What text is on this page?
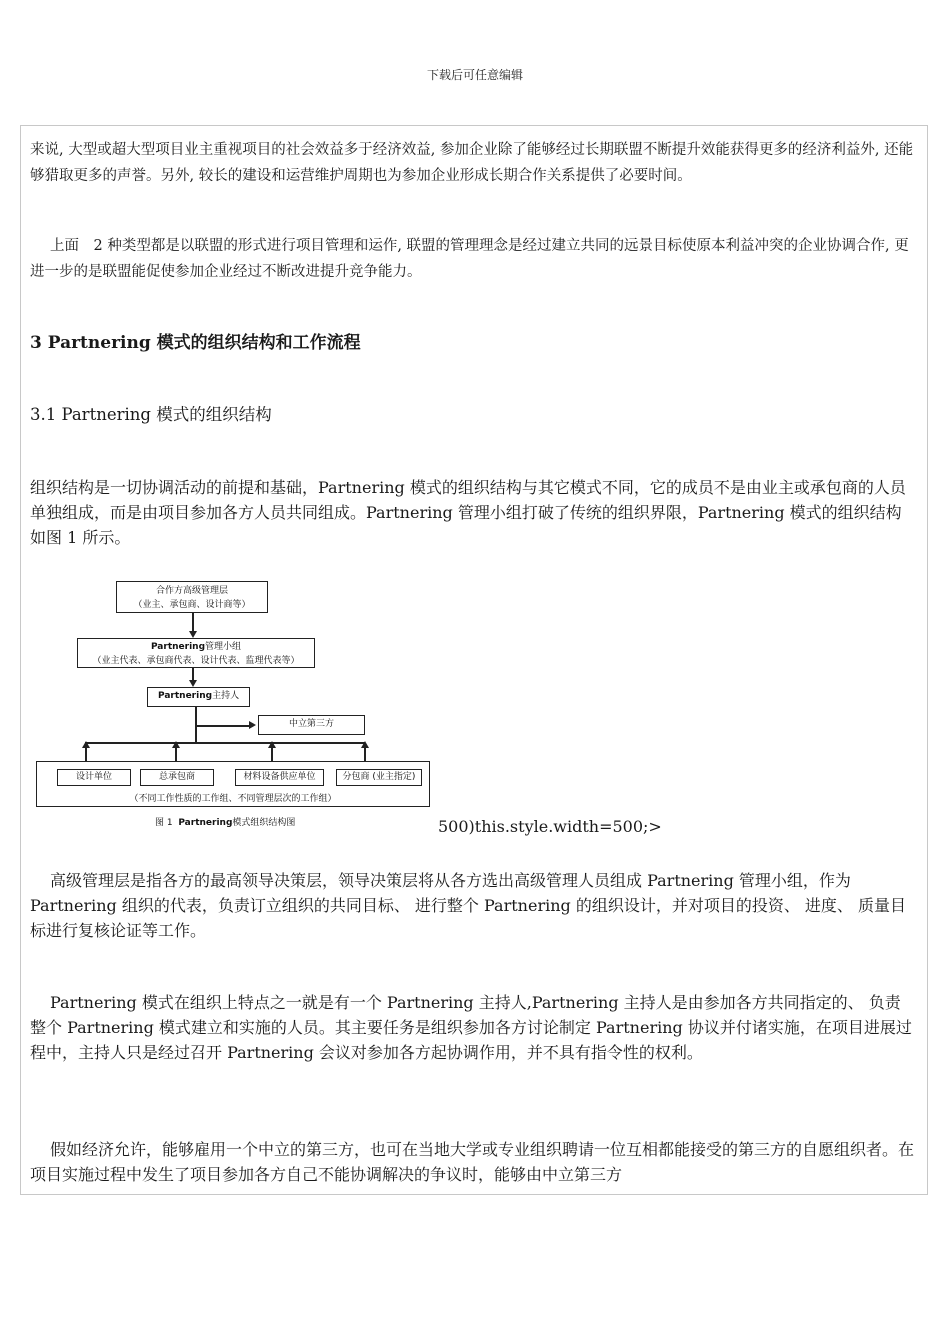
下载后可任意编辑

来说, 大型或超大型项目业主重视项目的社会效益多于经济效益, 参加企业除了能够经过长期联盟不断提升效能获得更多的经济利益外, 还能够猎取更多的声誉。另外, 较长的建设和运营维护周期也为参加企业形成长期合作关系提供了必要时间。

上面　2 种类型都是以联盟的形式进行项目管理和运作, 联盟的管理理念是经过建立共同的远景目标使原本利益冲突的企业协调合作, 更进一步的是联盟能促使参加企业经过不断改进提升竞争能力。

3 Partnering 模式的组织结构和工作流程

3.1 Partnering 模式的组织结构

组织结构是一切协调活动的前提和基础，Partnering 模式的组织结构与其它模式不同，它的成员不是由业主或承包商的人员单独组成，而是由项目参加各方人员共同组成。Partnering 管理小组打破了传统的组织界限，Partnering 模式的组织结构如图 1 所示。

合作方高级管理层
（业主、承包商、设计商等）
Partnering管理小组
（业主代表、承包商代表、设计代表、监理代表等）
Partnering主持人
中立第三方
（不同工作性质的工作组、不同管理层次的工作组）
设计单位	总承包商	材料设备供应单位	分包商 (业主指定)
图 1 Partnering模式组织结构图	500)this.style.width=500;>

高级管理层是指各方的最高领导决策层，领导决策层将从各方选出高级管理人员组成 Partnering 管理小组，作为 Partnering 组织的代表，负责订立组织的共同目标、 进行整个 Partnering 的组织设计，并对项目的投资、 进度、 质量目标进行复核论证等工作。

Partnering 模式在组织上特点之一就是有一个 Partnering 主持人,Partnering 主持人是由参加各方共同指定的、 负责整个 Partnering 模式建立和实施的人员。其主要任务是组织参加各方讨论制定 Partnering 协议并付诸实施，在项目进展过程中，主持人只是经过召开 Partnering 会议对参加各方起协调作用，并不具有指令性的权利。

假如经济允许，能够雇用一个中立的第三方，也可在当地大学或专业组织聘请一位互相都能接受的第三方的自愿组织者。在项目实施过程中发生了项目参加各方自己不能协调解决的争议时，能够由中立第三方
